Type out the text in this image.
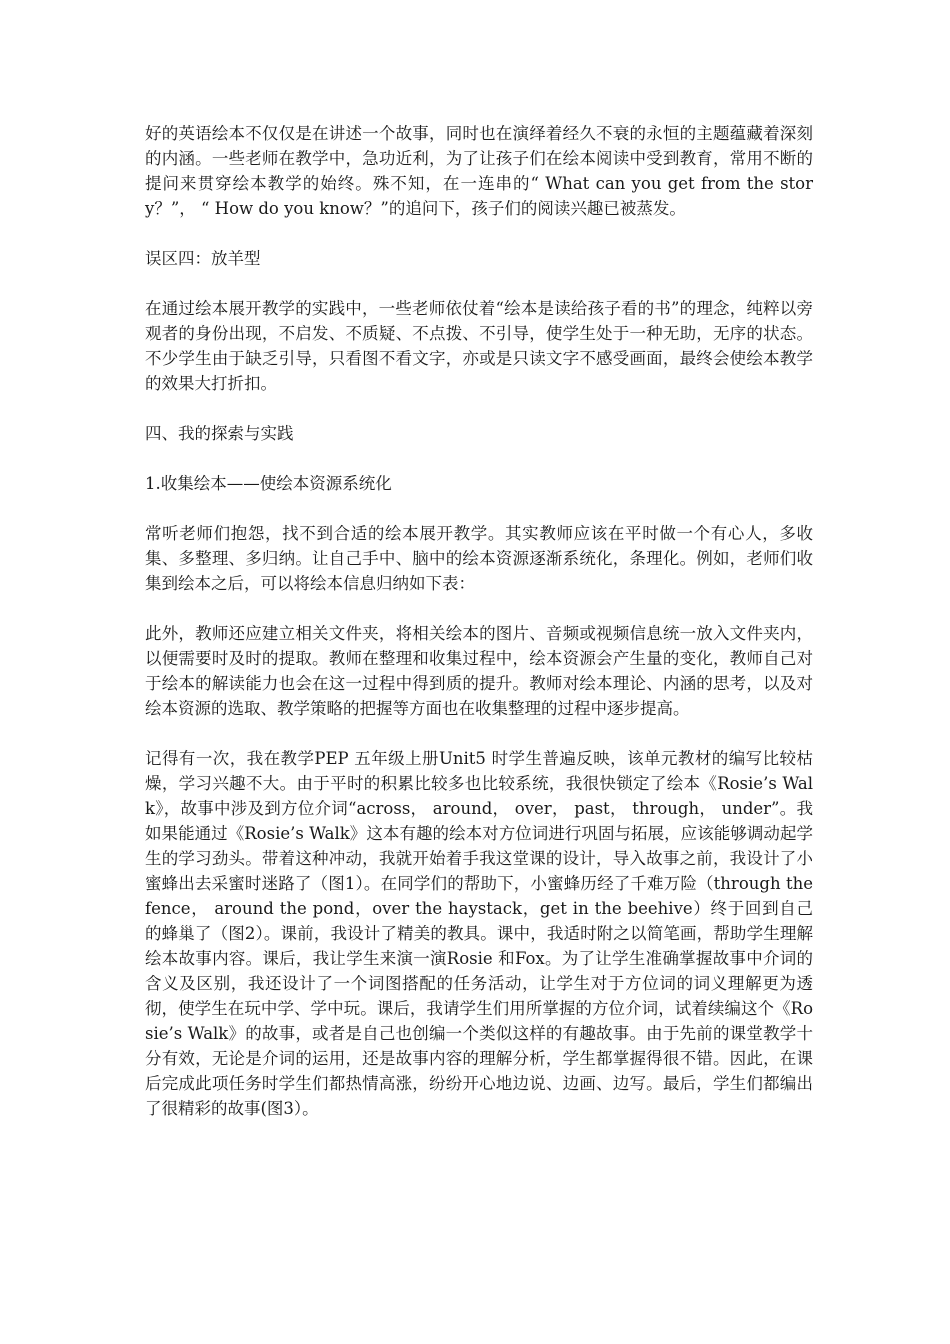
好的英语绘本不仅仅是在讲述一个故事，同时也在演绎着经久不衰的永恒的主题蕴藏着深刻的内涵。一些老师在教学中，急功近利，为了让孩子们在绘本阅读中受到教育，常用不断的提问来贯穿绘本教学的始终。殊不知，在一连串的“ What can you get from the story？”， “ How do you know？”的追问下，孩子们的阅读兴趣已被蒸发。

误区四：放羊型

在通过绘本展开教学的实践中，一些老师依仗着“绘本是读给孩子看的书”的理念，纯粹以旁观者的身份出现，不启发、不质疑、不点拨、不引导，使学生处于一种无助，无序的状态。不少学生由于缺乏引导，只看图不看文字，亦或是只读文字不感受画面，最终会使绘本教学的效果大打折扣。

四、我的探索与实践

1.收集绘本——使绘本资源系统化

常听老师们抱怨，找不到合适的绘本展开教学。其实教师应该在平时做一个有心人，多收集、多整理、多归纳。让自己手中、脑中的绘本资源逐渐系统化，条理化。例如，老师们收集到绘本之后，可以将绘本信息归纳如下表：

此外，教师还应建立相关文件夹，将相关绘本的图片、音频或视频信息统一放入文件夹内，以便需要时及时的提取。教师在整理和收集过程中，绘本资源会产生量的变化，教师自己对于绘本的解读能力也会在这一过程中得到质的提升。教师对绘本理论、内涵的思考，以及对绘本资源的选取、教学策略的把握等方面也在收集整理的过程中逐步提高。

记得有一次，我在教学PEP 五年级上册Unit5 时学生普遍反映，该单元教材的编写比较枯燥，学习兴趣不大。由于平时的积累比较多也比较系统，我很快锁定了绘本《Rosie’s Walk》，故事中涉及到方位介词“across， around， over， past， through， under”。我如果能通过《Rosie’s Walk》这本有趣的绘本对方位词进行巩固与拓展，应该能够调动起学生的学习劲头。带着这种冲动，我就开始着手我这堂课的设计，导入故事之前，我设计了小蜜蜂出去采蜜时迷路了（图1）。在同学们的帮助下，小蜜蜂历经了千难万险（through the fence， around the pond，over the haystack，get in the beehive）终于回到自己的蜂巢了（图2）。课前，我设计了精美的教具。课中，我适时附之以简笔画，帮助学生理解绘本故事内容。课后，我让学生来演一演Rosie 和Fox。为了让学生准确掌握故事中介词的含义及区别，我还设计了一个词图搭配的任务活动，让学生对于方位词的词义理解更为透彻，使学生在玩中学、学中玩。课后，我请学生们用所掌握的方位介词，试着续编这个《Rosie’s Walk》的故事，或者是自己也创编一个类似这样的有趣故事。由于先前的课堂教学十分有效，无论是介词的运用，还是故事内容的理解分析，学生都掌握得很不错。因此，在课后完成此项任务时学生们都热情高涨，纷纷开心地边说、边画、边写。最后，学生们都编出了很精彩的故事(图3）。
